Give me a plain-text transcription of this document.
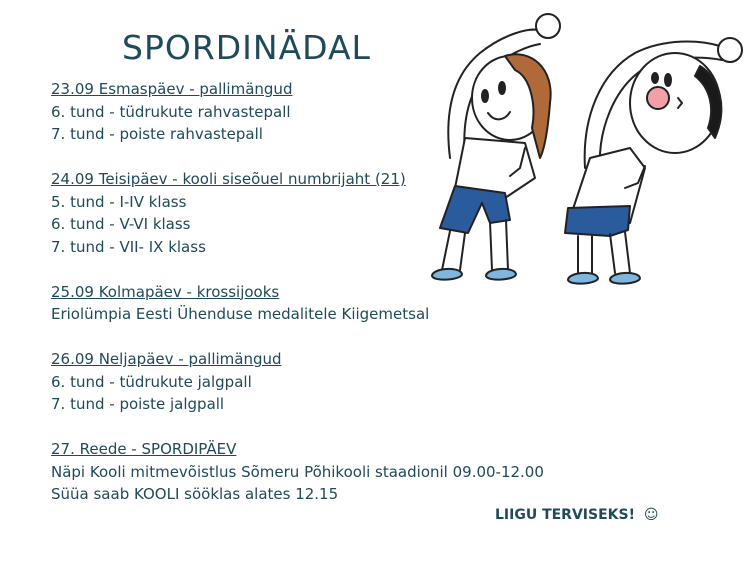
SPORDINÄDAL
23.09 Esmaspäev - pallimängud
6. tund - tüdrukute rahvastepall
7. tund - poiste rahvastepall
24.09 Teisipäev - kooli siseõuel numbrijaht (21)
5. tund - I-IV klass
6. tund - V-VI klass
7. tund - VII- IX klass
25.09 Kolmapäev - krossijooks
Eriolümpia Eesti Ühenduse medalitele Kiigemetsal
26.09 Neljapäev - pallimängud
6. tund - tüdrukute jalgpall
7. tund - poiste jalgpall
27. Reede - SPORDIPÄEV
Näpi Kooli mitmevõistlus Sõmeru Põhikooli staadionil 09.00-12.00
Süüa saab KOOLI sööklas alates 12.15
LIIGU TERVISEKS! ☺
